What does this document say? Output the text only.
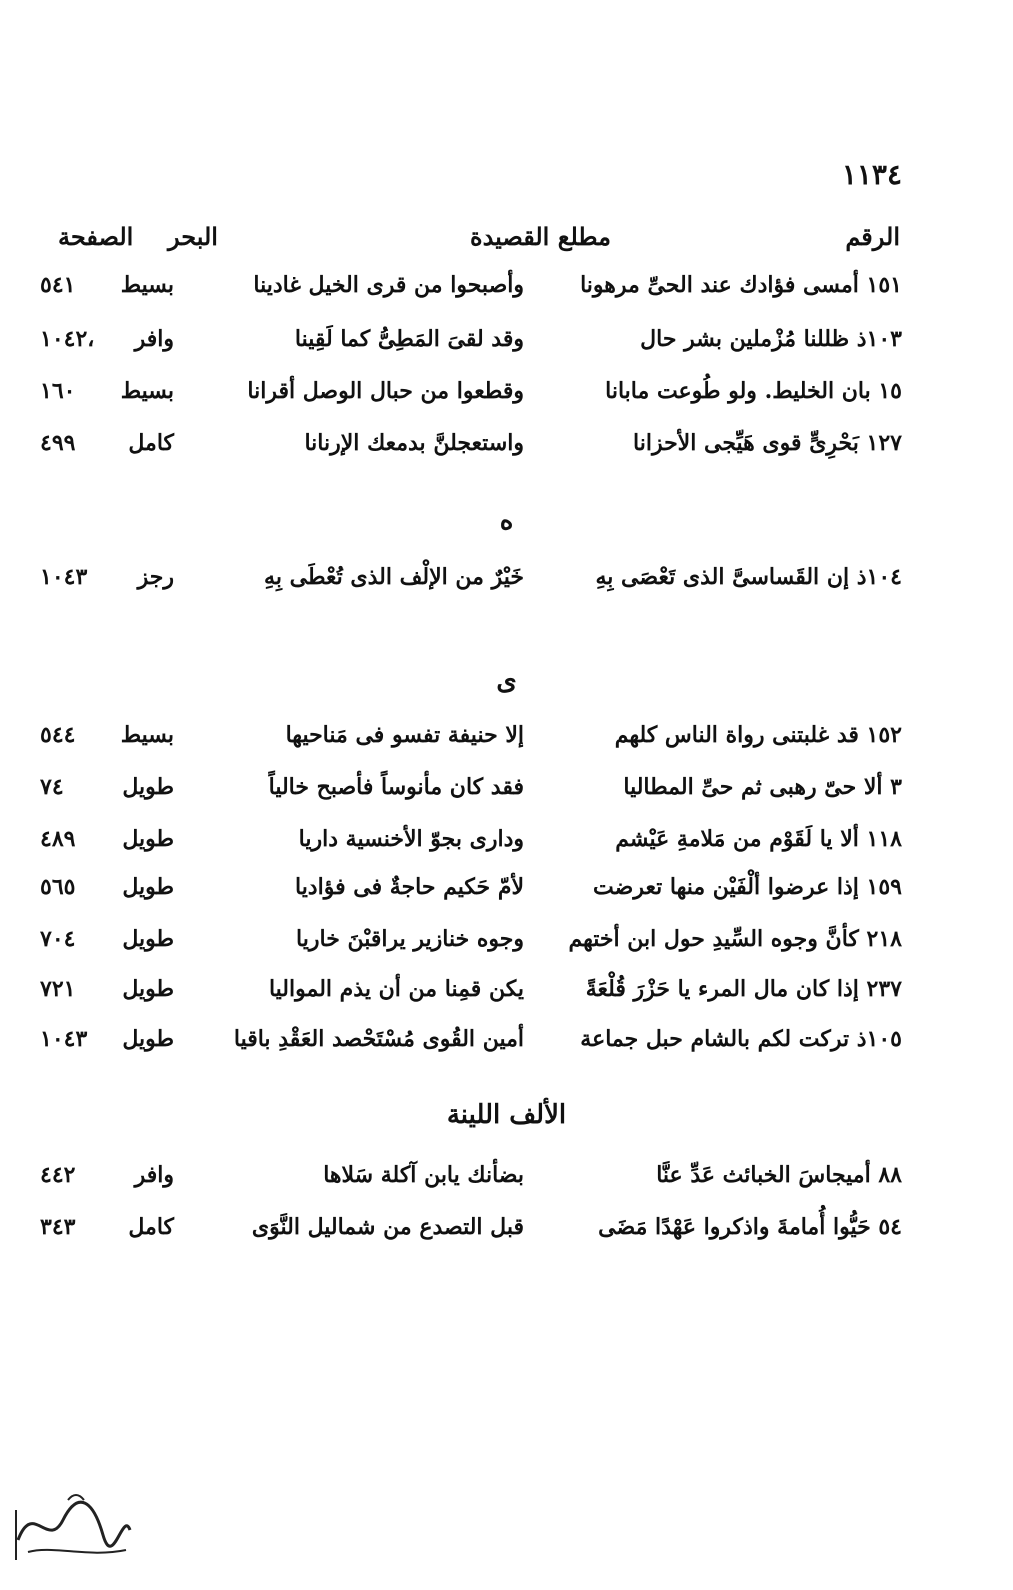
١١٣٤
الرقم
مطلع القصيدة
البحر
الصفحة
١٥١ أمسى فؤادك عند الحىِّ مرهونا
وأصبحوا من قرى الخيل غادينا
بسيط
٥٤١
١٠٣ذ ظللنا مُزْملين بشر حال
وقد لقىَ المَطِىُّ كما لَقِينا
وافر
١٠٤٢،
١٥ بان الخليط. ولو طُوعت مابانا
وقطعوا من حبال الوصل أقرانا
بسيط
١٦٠
١٢٧ بَحْرِىٍّ قوى هَيِّجى الأحزانا
واستعجلنَّ بدمعك الإرنانا
كامل
٤٩٩
ه
١٠٤ذ إن القَساسىَّ الذى تَعْصَى بِهِ
خَيْرٌ من الإلْف الذى تُعْطَى بِهِ
رجز
١٠٤٣
ى
١٥٢ قد غلبتنى رواة الناس كلهم
إلا حنيفة تفسو فى مَناحيها
بسيط
٥٤٤
٣ ألا حىّ رهبى ثم حىِّ المطاليا
فقد كان مأنوساً فأصبح خالياً
طويل
٧٤
١١٨ ألا يا لَقَوْم من مَلامةِ عَيْشم
ودارى بجوّ الأخنسية داريا
طويل
٤٨٩
١٥٩ إذا عرضوا ألْفَيْن منها تعرضت
لأمّ حَكيم حاجةٌ فى فؤاديا
طويل
٥٦٥
٢١٨ كأنَّ وجوه السِّيدِ حول ابن أختهم
وجوه خنازير يراقبْنَ خاريا
طويل
٧٠٤
٢٣٧ إذا كان مال المرء يا حَزْرَ قُلْعَةً
يكن قمِنا من أن يذم المواليا
طويل
٧٢١
١٠٥ذ تركت لكم بالشام حبل جماعة
أمين القُوى مُسْتَحْصد العَقْدِ باقيا
طويل
١٠٤٣
الألف اللينة
٨٨ أميجاسَ الخبائث عَدِّ عنَّا
بضأنك يابن آكلة سَلاها
وافر
٤٤٢
٥٤ حَيُّوا أُمامةَ واذكروا عَهْدًا مَضَى
قبل التصدع من شماليل النَّوَى
كامل
٣٤٣
